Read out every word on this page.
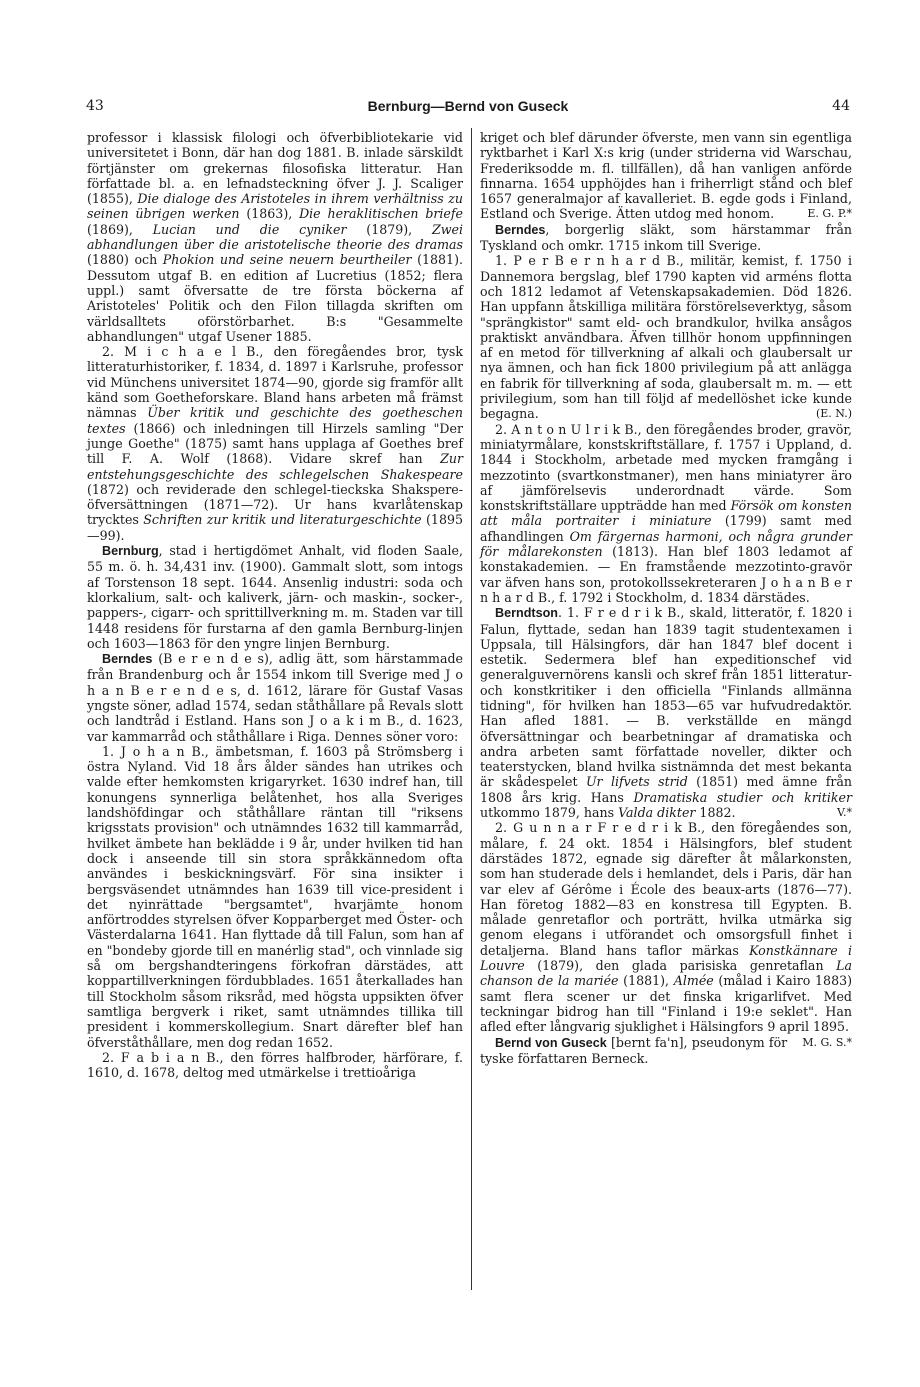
43	Bernburg—Bernd von Guseck	44

professor i klassisk filologi och öfverbibliotekarie vid universitetet i Bonn, där han dog 1881. B. inlade särskildt förtjänster om grekernas filosofiska litteratur. Han författade bl. a. en lefnadsteckning öfver J. J. Scaliger (1855), Die dialoge des Aristoteles in ihrem verhältniss zu seinen übrigen werken (1863), Die heraklitischen briefe (1869), Lucian und die cyniker (1879), Zwei abhandlungen über die aristotelische theorie des dramas (1880) och Phokion und seine neuern beurtheiler (1881). Dessutom utgaf B. en edition af Lucretius (1852; flera uppl.) samt öfversatte de tre första böckerna af Aristoteles' Politik och den Filon tillagda skriften om världsalltets oförstörbarhet. B:s "Gesammelte abhandlungen" utgaf Usener 1885.

2. M i c h a e l B., den föregåendes bror, tysk litteraturhistoriker, f. 1834, d. 1897 i Karlsruhe, professor vid Münchens universitet 1874—90, gjorde sig framför allt känd som Goetheforskare. Bland hans arbeten må främst nämnas Über kritik und geschichte des goetheschen textes (1866) och inledningen till Hirzels samling "Der junge Goethe" (1875) samt hans upplaga af Goethes bref till F. A. Wolf (1868). Vidare skref han Zur entstehungsgeschichte des schlegelschen Shakespeare (1872) och reviderade den schlegel-tieckska Shakspere-öfversättningen (1871—72). Ur hans kvarlåtenskap trycktes Schriften zur kritik und literaturgeschichte (1895—99).

Bernburg, stad i hertigdömet Anhalt, vid floden Saale, 55 m. ö. h. 34,431 inv. (1900). Gammalt slott, som intogs af Torstenson 18 sept. 1644. Ansenlig industri: soda och klorkalium, salt- och kaliverk, järn- och maskin-, socker-, pappers-, cigarr- och sprittillverkning m. m. Staden var till 1448 residens för furstarna af den gamla Bernburg-linjen och 1603—1863 för den yngre linjen Bernburg.

Berndes (B e r e n d e s), adlig ätt, som härstammade från Brandenburg och år 1554 inkom till Sverige med J o h a n B e r e n d e s, d. 1612, lärare för Gustaf Vasas yngste söner, adlad 1574, sedan ståthållare på Revals slott och landtråd i Estland. Hans son J o a k i m B., d. 1623, var kammarråd och ståthållare i Riga. Dennes söner voro:

1. J o h a n B., ämbetsman, f. 1603 på Strömsberg i östra Nyland. Vid 18 års ålder sändes han utrikes och valde efter hemkomsten krigaryrket. 1630 indref han, till konungens synnerliga belåtenhet, hos alla Sveriges landshöfdingar och ståthållare räntan till "riksens krigsstats provision" och utnämndes 1632 till kammarråd, hvilket ämbete han beklädde i 9 år, under hvilken tid han dock i anseende till sin stora språkkännedom ofta användes i beskickningsvärf. För sina insikter i bergsväsendet utnämndes han 1639 till vice-president i det nyinrättade "bergsamtet", hvarjämte honom anförtroddes styrelsen öfver Kopparberget med Öster- och Västerdalarna 1641. Han flyttade då till Falun, som han af en "bondeby gjorde till en manérlig stad", och vinnlade sig så om bergshandteringens förkofran därstädes, att koppartillverkningen fördubblades. 1651 återkallades han till Stockholm såsom riksråd, med högsta uppsikten öfver samtliga bergverk i riket, samt utnämndes tillika till president i kommerskollegium. Snart därefter blef han öfverståthållare, men dog redan 1652.

2. F a b i a n B., den förres halfbroder, härförare, f. 1610, d. 1678, deltog med utmärkelse i trettioåriga

kriget och blef därunder öfverste, men vann sin egentliga ryktbarhet i Karl X:s krig (under striderna vid Warschau, Frederiksodde m. fl. tillfällen), då han vanligen anförde finnarna. 1654 upphöjdes han i friherrligt stånd och blef 1657 generalmajor af kavalleriet. B. egde gods i Finland, Estland och Sverige. Ätten utdog med honom.	E. G. P.*

Berndes, borgerlig släkt, som härstammar från Tyskland och omkr. 1715 inkom till Sverige.

1. P e r B e r n h a r d B., militär, kemist, f. 1750 i Dannemora bergslag, blef 1790 kapten vid arméns flotta och 1812 ledamot af Vetenskapsakademien. Död 1826. Han uppfann åtskilliga militära förstörelseverktyg, såsom "sprängkistor" samt eld- och brandkulor, hvilka ansågos praktiskt användbara. Äfven tillhör honom uppfinningen af en metod för tillverkning af alkali och glaubersalt ur nya ämnen, och han fick 1800 privilegium på att anlägga en fabrik för tillverkning af soda, glaubersalt m. m. — ett privilegium, som han till följd af medellöshet icke kunde begagna.	(E. N.)

2. A n t o n U l r i k B., den föregåendes broder, gravör, miniatyrmålare, konstskriftställare, f. 1757 i Uppland, d. 1844 i Stockholm, arbetade med mycken framgång i mezzotinto (svartkonstmaner), men hans miniatyrer äro af jämförelsevis underordnadt värde. Som konstskriftställare uppträdde han med Försök om konsten att måla portraiter i miniature (1799) samt med afhandlingen Om färgernas harmoni, och några grunder för målarekonsten (1813). Han blef 1803 ledamot af konstakademien. — En framstående mezzotinto-gravör var äfven hans son, protokollssekreteraren J o h a n B e r n h a r d B., f. 1792 i Stockholm, d. 1834 därstädes.

Berndtson. 1. F r e d r i k B., skald, litteratör, f. 1820 i Falun, flyttade, sedan han 1839 tagit studentexamen i Uppsala, till Hälsingfors, där han 1847 blef docent i estetik. Sedermera blef han expeditionschef vid generalguvernörens kansli och skref från 1851 litteratur- och konstkritiker i den officiella "Finlands allmänna tidning", för hvilken han 1853—65 var hufvudredaktör. Han afled 1881. — B. verkställde en mängd öfversättningar och bearbetningar af dramatiska och andra arbeten samt författade noveller, dikter och teaterstycken, bland hvilka sistnämnda det mest bekanta är skådespelet Ur lifvets strid (1851) med ämne från 1808 års krig. Hans Dramatiska studier och kritiker utkommo 1879, hans Valda dikter 1882.	V.*

2. G u n n a r F r e d r i k B., den föregåendes son, målare, f. 24 okt. 1854 i Hälsingfors, blef student därstädes 1872, egnade sig därefter åt målarkonsten, som han studerade dels i hemlandet, dels i Paris, där han var elev af Gérôme i École des beaux-arts (1876—77). Han företog 1882—83 en konstresa till Egypten. B. målade genretaflor och porträtt, hvilka utmärka sig genom elegans i utförandet och omsorgsfull finhet i detaljerna. Bland hans taflor märkas Konstkännare i Louvre (1879), den glada parisiska genretaflan La chanson de la mariée (1881), Almée (målad i Kairo 1883) samt flera scener ur det finska krigarlifvet. Med teckningar bidrog han till "Finland i 19:e seklet". Han afled efter långvarig sjuklighet i Hälsingfors 9 april 1895.
M. G. S.*

Bernd von Guseck [bernt fa'n], pseudonym för tyske författaren Berneck.
